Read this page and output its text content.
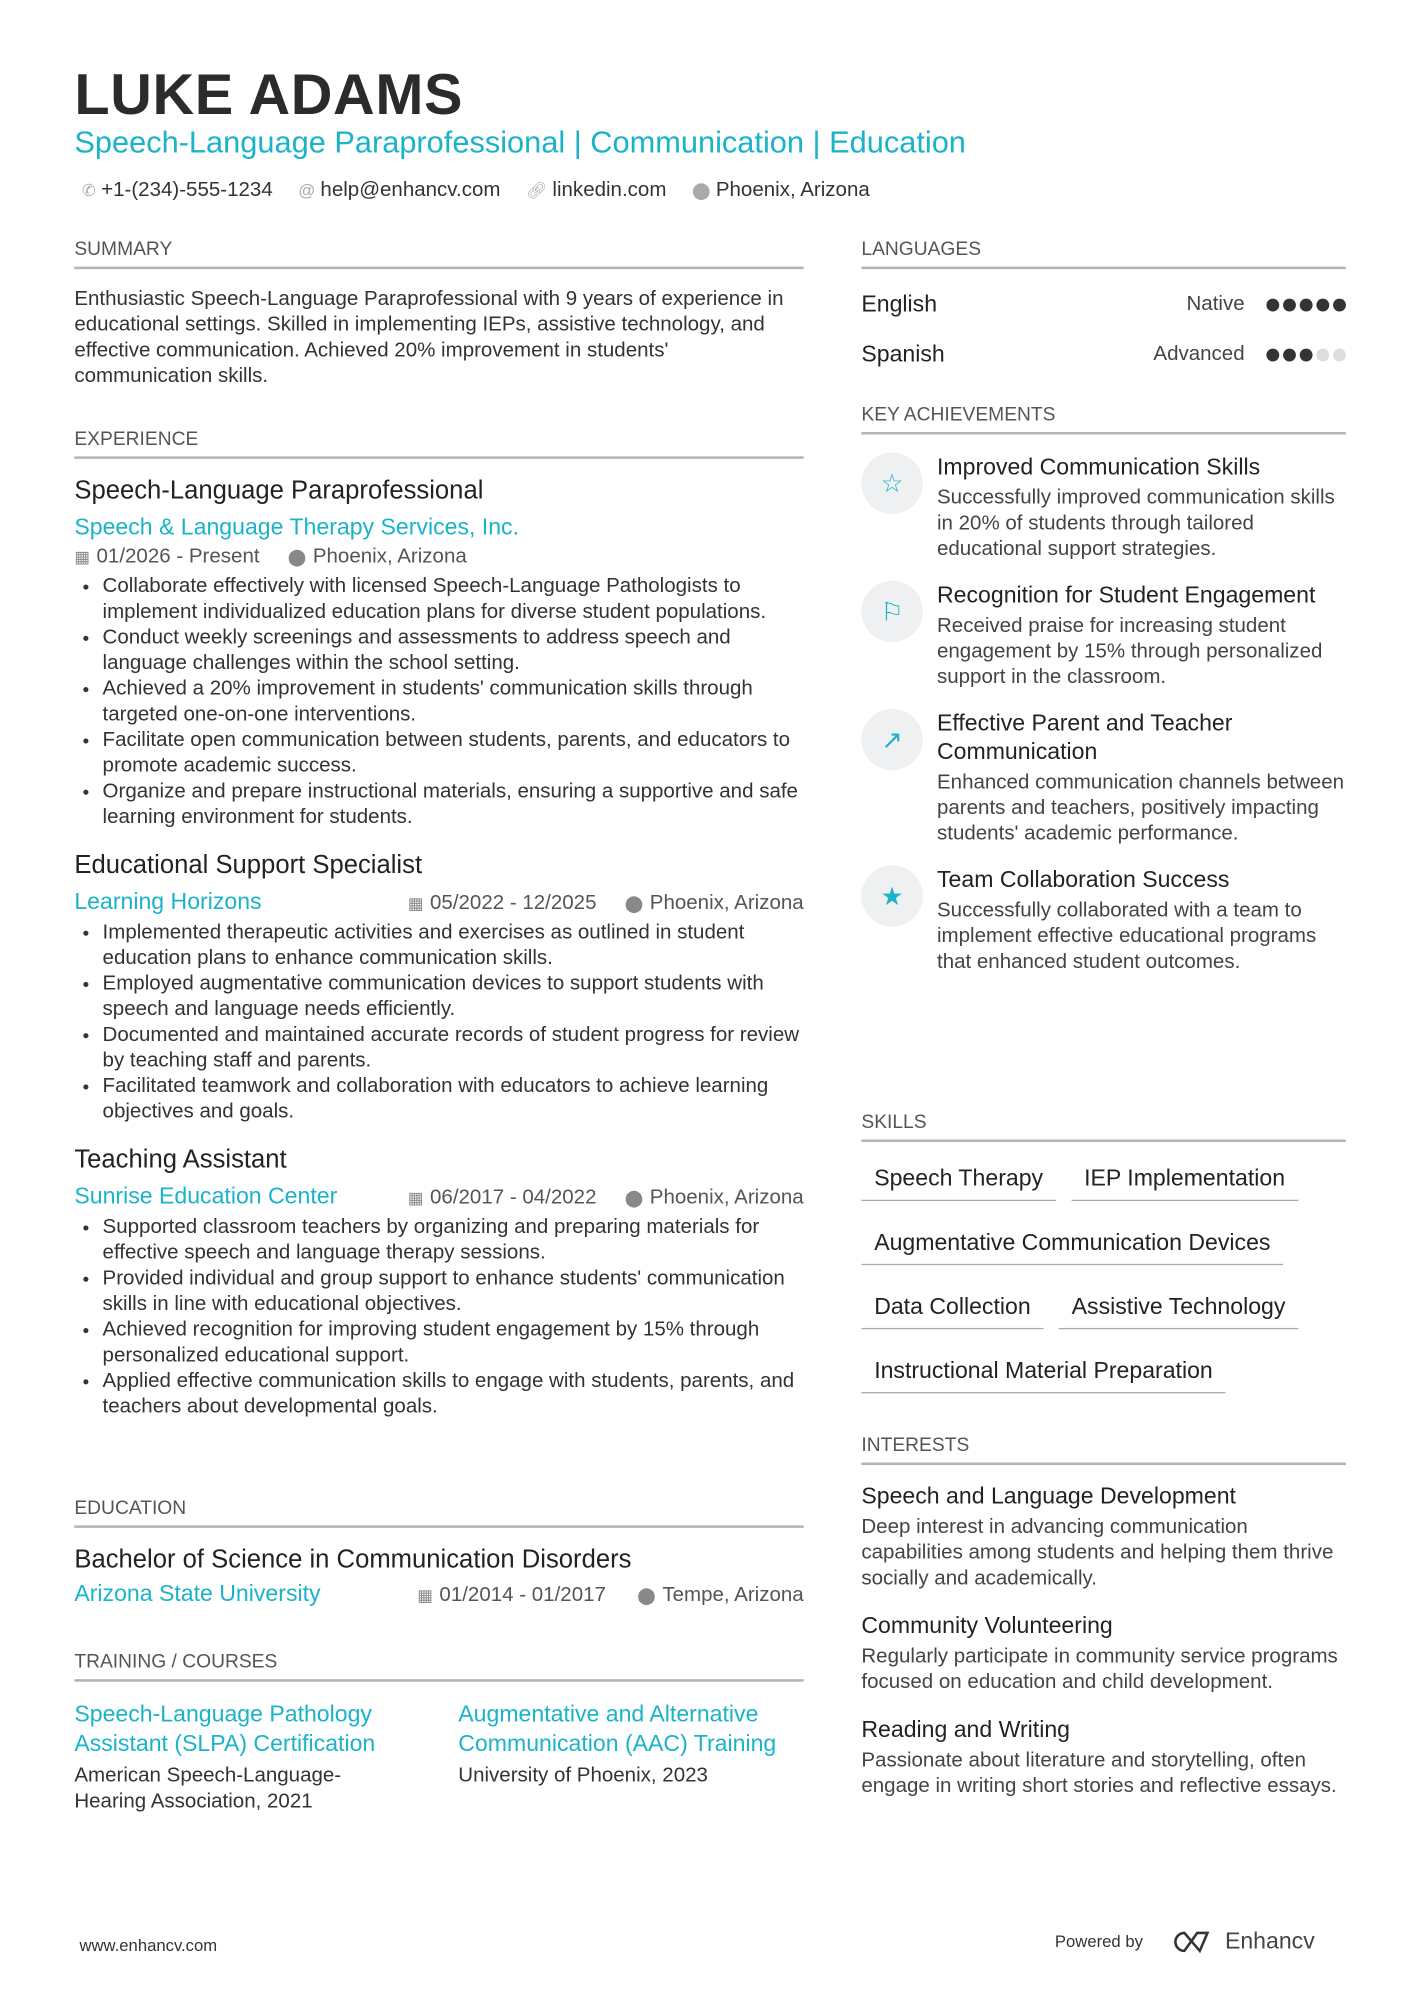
LUKE ADAMS
Speech-Language Paraprofessional | Communication | Education
✆ +1-(234)-555-1234 @ help@enhancv.com 🔗︎ linkedin.com ⬤ Phoenix, Arizona
SUMMARY
Enthusiastic Speech-Language Paraprofessional with 9 years of experience in educational settings. Skilled in implementing IEPs, assistive technology, and effective communication. Achieved 20% improvement in students' communication skills.
EXPERIENCE
Speech-Language Paraprofessional
Speech & Language Therapy Services, Inc.
▦ 01/2026 - Present ⬤ Phoenix, Arizona
• Collaborate effectively with licensed Speech-Language Pathologists to implement individualized education plans for diverse student populations.
• Conduct weekly screenings and assessments to address speech and language challenges within the school setting.
• Achieved a 20% improvement in students' communication skills through targeted one-on-one interventions.
• Facilitate open communication between students, parents, and educators to promote academic success.
• Organize and prepare instructional materials, ensuring a supportive and safe learning environment for students.
Educational Support Specialist
Learning Horizons	▦ 05/2022 - 12/2025 ⬤ Phoenix, Arizona
• Implemented therapeutic activities and exercises as outlined in student education plans to enhance communication skills.
• Employed augmentative communication devices to support students with speech and language needs efficiently.
• Documented and maintained accurate records of student progress for review by teaching staff and parents.
• Facilitated teamwork and collaboration with educators to achieve learning objectives and goals.
Teaching Assistant
Sunrise Education Center	▦ 06/2017 - 04/2022 ⬤ Phoenix, Arizona
• Supported classroom teachers by organizing and preparing materials for effective speech and language therapy sessions.
• Provided individual and group support to enhance students' communication skills in line with educational objectives.
• Achieved recognition for improving student engagement by 15% through personalized educational support.
• Applied effective communication skills to engage with students, parents, and teachers about developmental goals.
EDUCATION
Bachelor of Science in Communication Disorders
Arizona State University	▦ 01/2014 - 01/2017 ⬤ Tempe, Arizona
TRAINING / COURSES
Speech-Language Pathology Assistant (SLPA) Certification
American Speech-Language-Hearing Association, 2021
Augmentative and Alternative Communication (AAC) Training
University of Phoenix, 2023
LANGUAGES
English	Native
Spanish	Advanced
KEY ACHIEVEMENTS
☆
Improved Communication Skills
Successfully improved communication skills in 20% of students through tailored educational support strategies.
⚐
Recognition for Student Engagement
Received praise for increasing student engagement by 15% through personalized support in the classroom.
↗
Effective Parent and Teacher Communication
Enhanced communication channels between parents and teachers, positively impacting students' academic performance.
★
Team Collaboration Success
Successfully collaborated with a team to implement effective educational programs that enhanced student outcomes.
SKILLS
Speech Therapy	IEP Implementation
Augmentative Communication Devices
Data Collection	Assistive Technology
Instructional Material Preparation
INTERESTS
Speech and Language Development
Deep interest in advancing communication capabilities among students and helping them thrive socially and academically.
Community Volunteering
Regularly participate in community service programs focused on education and child development.
Reading and Writing
Passionate about literature and storytelling, often engage in writing short stories and reflective essays.
www.enhancv.com	Powered by	Enhancv
